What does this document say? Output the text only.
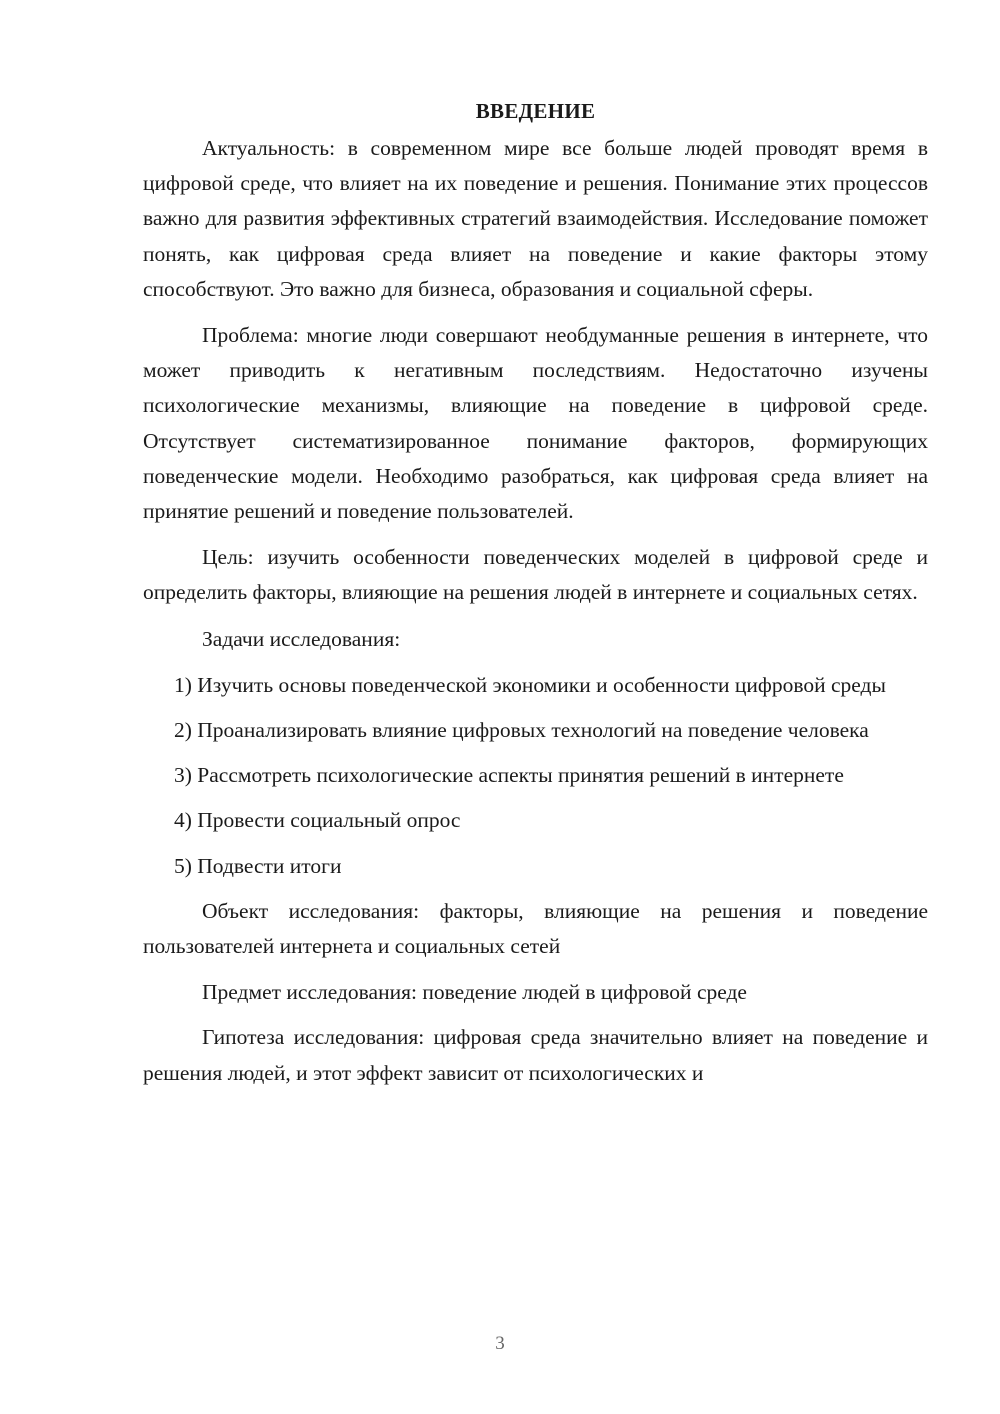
ВВЕДЕНИЕ

Актуальность: в современном мире все больше людей проводят время в цифровой среде, что влияет на их поведение и решения. Понимание этих процессов важно для развития эффективных стратегий взаимодействия. Исследование поможет понять, как цифровая среда влияет на поведение и какие факторы этому способствуют. Это важно для бизнеса, образования и социальной сферы.

Проблема: многие люди совершают необдуманные решения в интернете, что может приводить к негативным последствиям. Недостаточно изучены психологические механизмы, влияющие на поведение в цифровой среде. Отсутствует систематизированное понимание факторов, формирующих поведенческие модели. Необходимо разобраться, как цифровая среда влияет на принятие решений и поведение пользователей.

Цель: изучить особенности поведенческих моделей в цифровой среде и определить факторы, влияющие на решения людей в интернете и социальных сетях.

Задачи исследования:

1) Изучить основы поведенческой экономики и особенности цифровой среды

2) Проанализировать влияние цифровых технологий на поведение человека

3) Рассмотреть психологические аспекты принятия решений в интернете

4) Провести социальный опрос

5) Подвести итоги

Объект исследования: факторы, влияющие на решения и поведение пользователей интернета и социальных сетей

Предмет исследования: поведение людей в цифровой среде

Гипотеза исследования: цифровая среда значительно влияет на поведение и решения людей, и этот эффект зависит от психологических и

3
